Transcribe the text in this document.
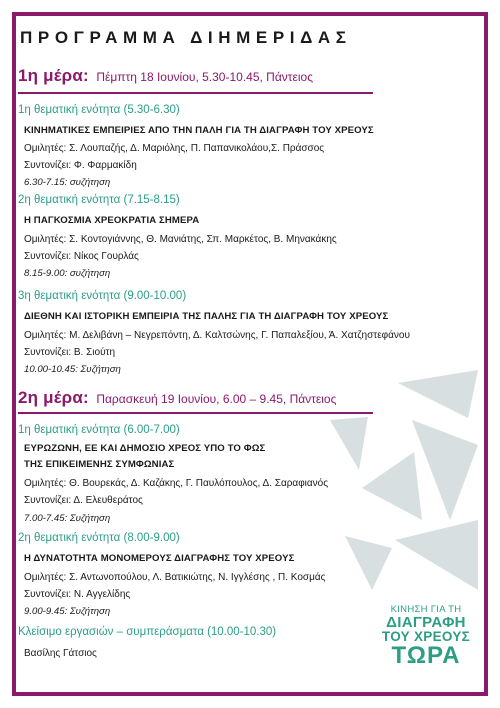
ΠΡΟΓΡΑΜΜΑ ΔΙΗΜΕΡΙΔΑΣ
1η μέρα: Πέμπτη 18 Ιουνίου, 5.30-10.45, Πάντειος
1η θεματική ενότητα (5.30-6.30)
ΚΙΝΗΜΑΤΙΚΕΣ ΕΜΠΕΙΡΙΕΣ ΑΠΟ ΤΗΝ ΠΑΛΗ ΓΙΑ ΤΗ ΔΙΑΓΡΑΦΗ ΤΟΥ ΧΡΕΟΥΣ
Ομιλητές: Σ. Λουπαζής, Δ. Μαριόλης, Π. Παπανικολάου,Σ. Πράσσος
Συντονίζει: Φ. Φαρμακίδη
6.30-7.15: συζήτηση
2η θεματική ενότητα (7.15-8.15)
Η ΠΑΓΚΟΣΜΙΑ ΧΡΕΟΚΡΑΤΙΑ ΣΗΜΕΡΑ
Ομιλητές: Σ. Κοντογιάννης, Θ. Μανιάτης, Σπ. Μαρκέτος, Β. Μηνακάκης
Συντονίζει: Νίκος Γουρλάς
8.15-9.00: συζήτηση
3η θεματική ενότητα (9.00-10.00)
ΔΙΕΘΝΗ ΚΑΙ ΙΣΤΟΡΙΚΗ ΕΜΠΕΙΡΙΑ ΤΗΣ ΠΑΛΗΣ ΓΙΑ ΤΗ ΔΙΑΓΡΑΦΗ ΤΟΥ ΧΡΕΟΥΣ
Ομιλητές: Μ. Δελιβάνη – Νεγρεπόντη, Δ. Καλτσώνης, Γ. Παπαλεξίου, Ά. Χατζηστεφάνου
Συντονίζει: Β. Σιούτη
10.00-10.45: Συζήτηση
2η μέρα: Παρασκευή 19 Ιουνίου, 6.00 – 9.45, Πάντειος
1η θεματική ενότητα (6.00-7.00)
ΕΥΡΩΖΩΝΗ, ΕΕ ΚΑΙ ΔΗΜΟΣΙΟ ΧΡΕΟΣ ΥΠΟ ΤΟ ΦΩΣ
ΤΗΣ ΕΠΙΚΕΙΜΕΝΗΣ ΣΥΜΦΩΝΙΑΣ
Ομιλητές: Θ. Βουρεκάς, Δ. Καζάκης, Γ. Παυλόπουλος, Δ. Σαραφιανός
Συντονίζει: Δ. Ελευθεράτος
7.00-7.45: Συζήτηση
2η θεματική ενότητα (8.00-9.00)
Η ΔΥΝΑΤΟΤΗΤΑ ΜΟΝΟΜΕΡΟΥΣ ΔΙΑΓΡΑΦΗΣ ΤΟΥ ΧΡΕΟΥΣ
Ομιλητές: Σ. Αντωνοπούλου, Λ. Βατικιώτης, Ν. Ιγγλέσης , Π. Κοσμάς
Συντονίζει: Ν. Αγγελίδης
9.00-9.45: Συζήτηση
Κλείσιμο εργασιών – συμπεράσματα (10.00-10.30)
Βασίλης Γάτσιος
ΚΙΝΗΣΗ ΓΙΑ ΤΗ
ΔΙΑΓΡΑΦΗ
ΤΟΥ ΧΡΕΟΥΣ
ΤΩΡΑ
